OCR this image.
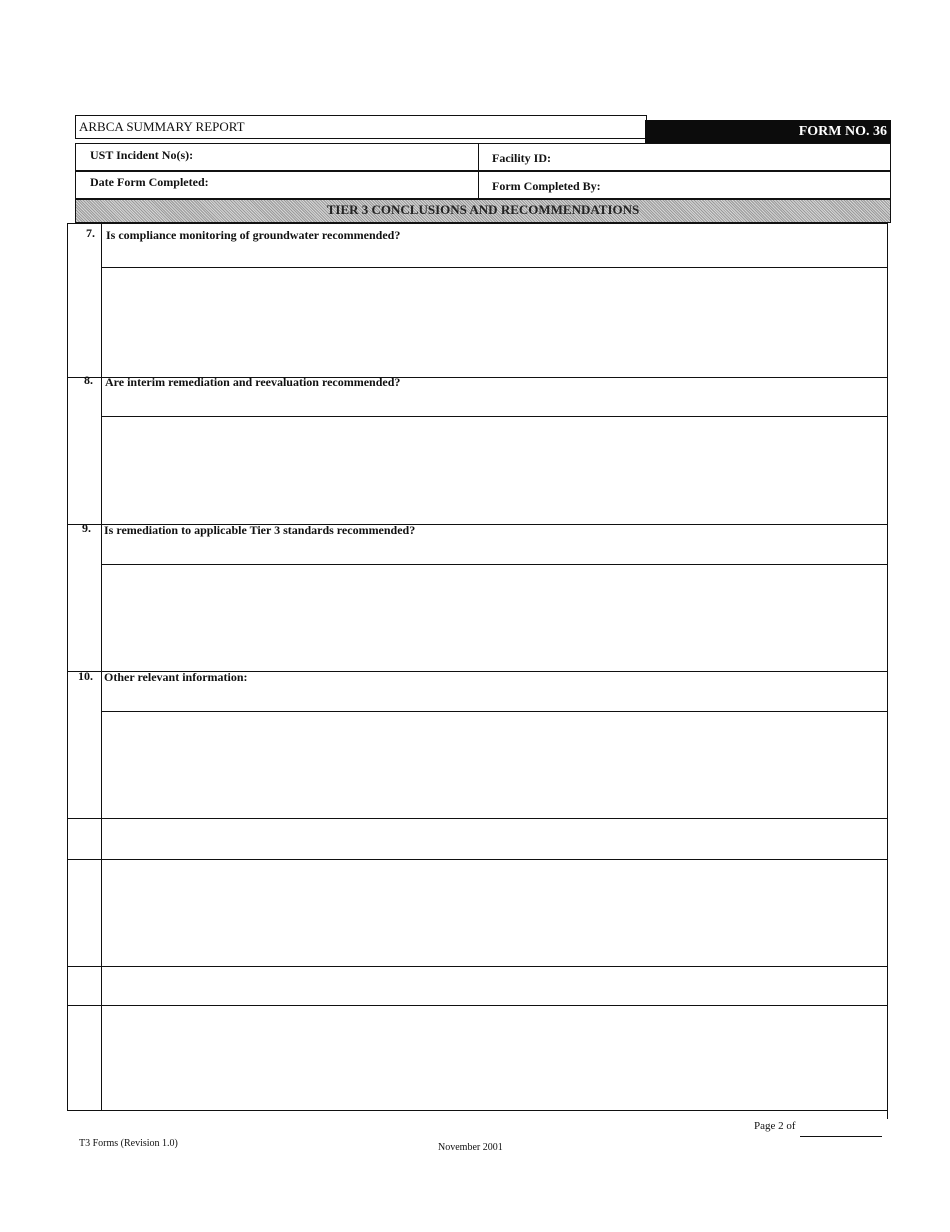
ARBCA SUMMARY REPORT	FORM NO. 36
UST Incident No(s):	Facility ID:
Date Form Completed:	Form Completed By:
TIER 3 CONCLUSIONS AND RECOMMENDATIONS
7. Is compliance monitoring of groundwater recommended?
8. Are interim remediation and reevaluation recommended?
9. Is remediation to applicable Tier 3 standards recommended?
10. Other relevant information:
Page 2 of
T3 Forms (Revision 1.0)	November 2001
